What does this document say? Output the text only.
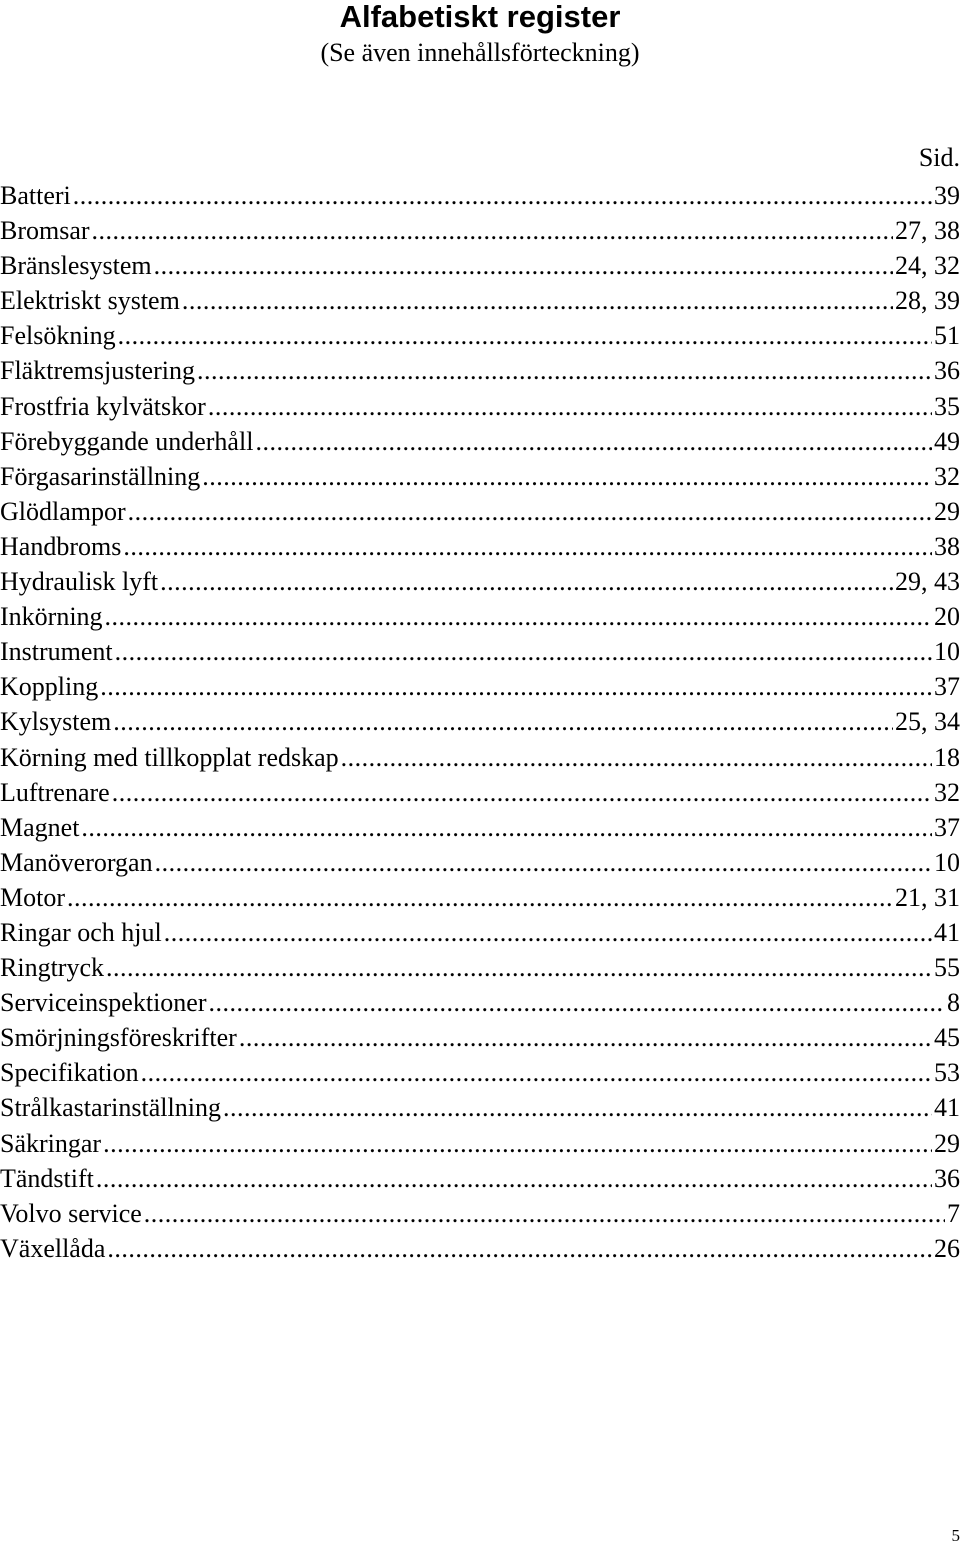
Alfabetiskt register
(Se även innehållsförteckning)
Sid.
Batteri .....	39
Bromsar .....	27, 38
Bränslesystem .....	24, 32
Elektriskt system .....	28, 39
Felsökning .....	51
Fläktremsjustering .....	36
Frostfria kylvätskor .....	35
Förebyggande underhåll .....	49
Förgasarinställning .....	32
Glödlampor .....	29
Handbroms .....	38
Hydraulisk lyft .....	29, 43
Inkörning .....	20
Instrument .....	10
Koppling .....	37
Kylsystem .....	25, 34
Körning med tillkopplat redskap .....	18
Luftrenare .....	32
Magnet .....	37
Manöverorgan .....	10
Motor .....	21, 31
Ringar och hjul .....	41
Ringtryck .....	55
Serviceinspektioner .....	8
Smörjningsföreskrifter .....	45
Specifikation .....	53
Strålkastarinställning .....	41
Säkringar .....	29
Tändstift .....	36
Volvo service .....	7
Växellåda .....	26
5
